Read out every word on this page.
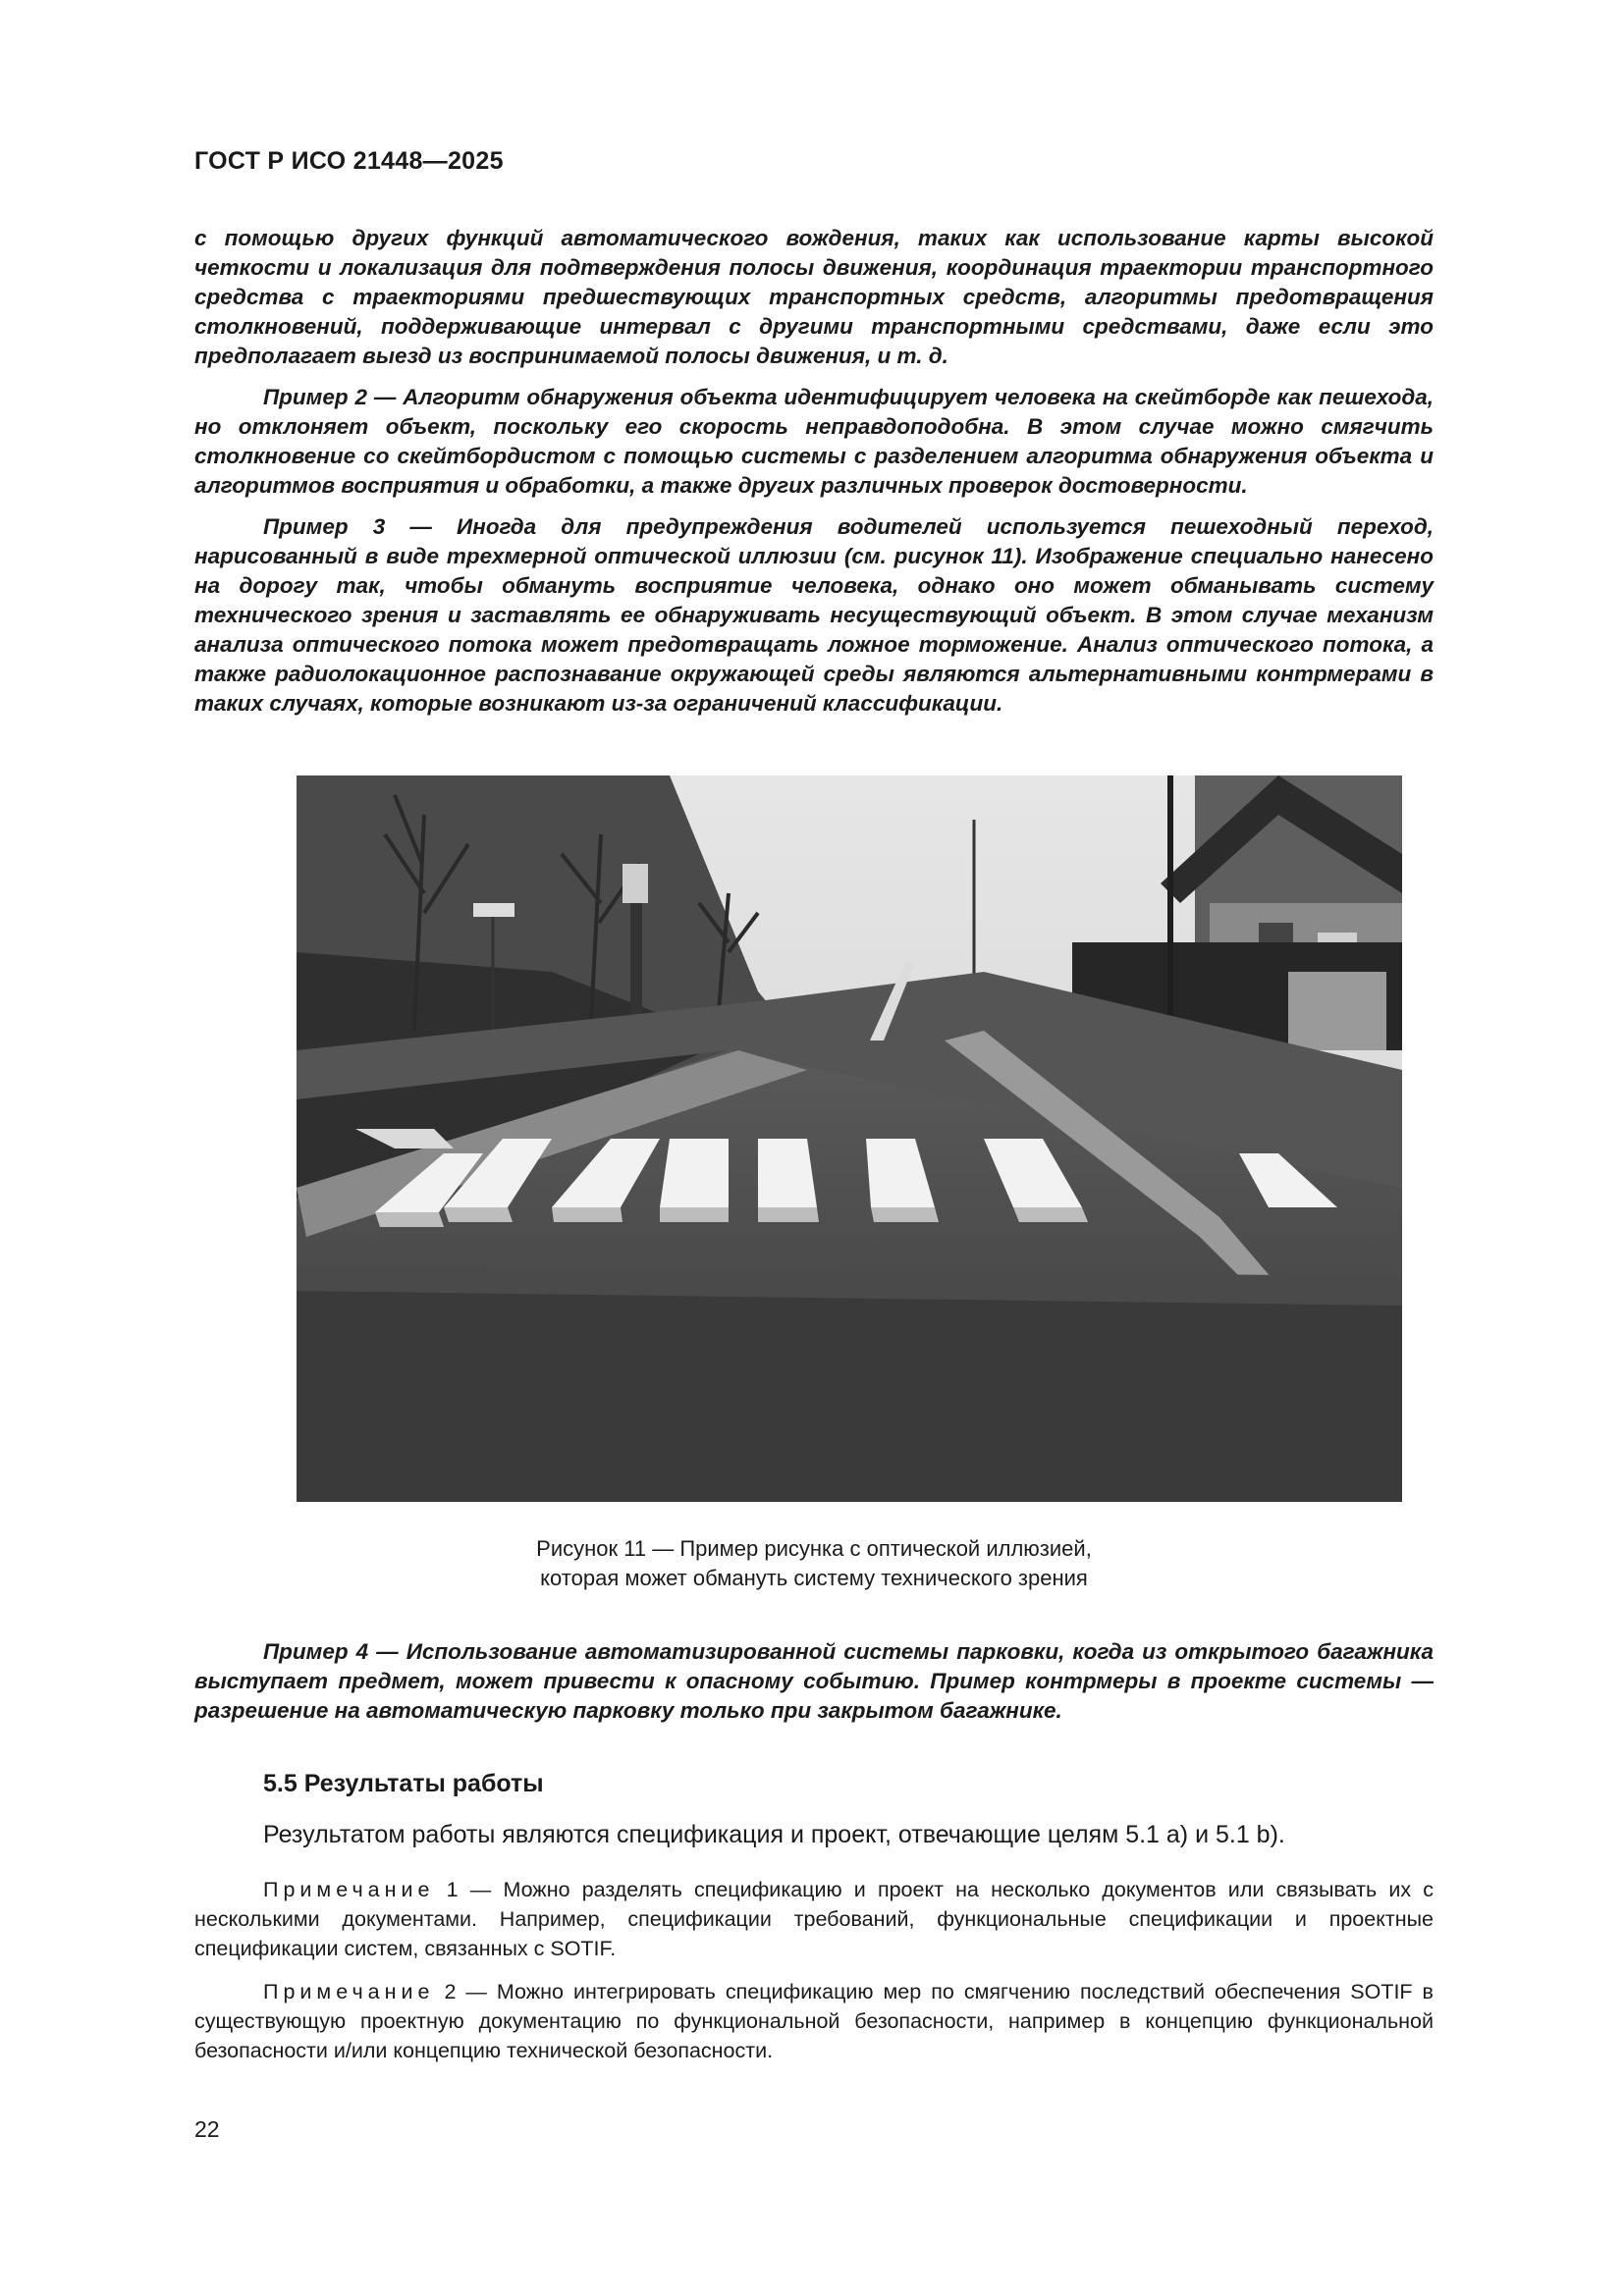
ГОСТ Р ИСО 21448—2025

с помощью других функций автоматического вождения, таких как использование карты высокой четкости и локализация для подтверждения полосы движения, координация траектории транспортного средства с траекториями предшествующих транспортных средств, алгоритмы предотвращения столкновений, поддерживающие интервал с другими транспортными средствами, даже если это предполагает выезд из воспринимаемой полосы движения, и т. д.

Пример 2 — Алгоритм обнаружения объекта идентифицирует человека на скейтборде как пешехода, но отклоняет объект, поскольку его скорость неправдоподобна. В этом случае можно смягчить столкновение со скейтбордистом с помощью системы с разделением алгоритма обнаружения объекта и алгоритмов восприятия и обработки, а также других различных проверок достоверности.

Пример 3 — Иногда для предупреждения водителей используется пешеходный переход, нарисованный в виде трехмерной оптической иллюзии (см. рисунок 11). Изображение специально нанесено на дорогу так, чтобы обмануть восприятие человека, однако оно может обманывать систему технического зрения и заставлять ее обнаруживать несуществующий объект. В этом случае механизм анализа оптического потока может предотвращать ложное торможение. Анализ оптического потока, а также радиолокационное распознавание окружающей среды являются альтернативными контрмерами в таких случаях, которые возникают из-за ограничений классификации.

Рисунок 11 — Пример рисунка с оптической иллюзией,
которая может обмануть систему технического зрения

Пример 4 — Использование автоматизированной системы парковки, когда из открытого багажника выступает предмет, может привести к опасному событию. Пример контрмеры в проекте системы — разрешение на автоматическую парковку только при закрытом багажнике.

5.5 Результаты работы
Результатом работы являются спецификация и проект, отвечающие целям 5.1 a) и 5.1 b).

Примечание 1 — Можно разделять спецификацию и проект на несколько документов или связывать их с несколькими документами. Например, спецификации требований, функциональные спецификации и проектные спецификации систем, связанных с SOTIF.

Примечание 2 — Можно интегрировать спецификацию мер по смягчению последствий обеспечения SOTIF в существующую проектную документацию по функциональной безопасности, например в концепцию функциональной безопасности и/или концепцию технической безопасности.

22
